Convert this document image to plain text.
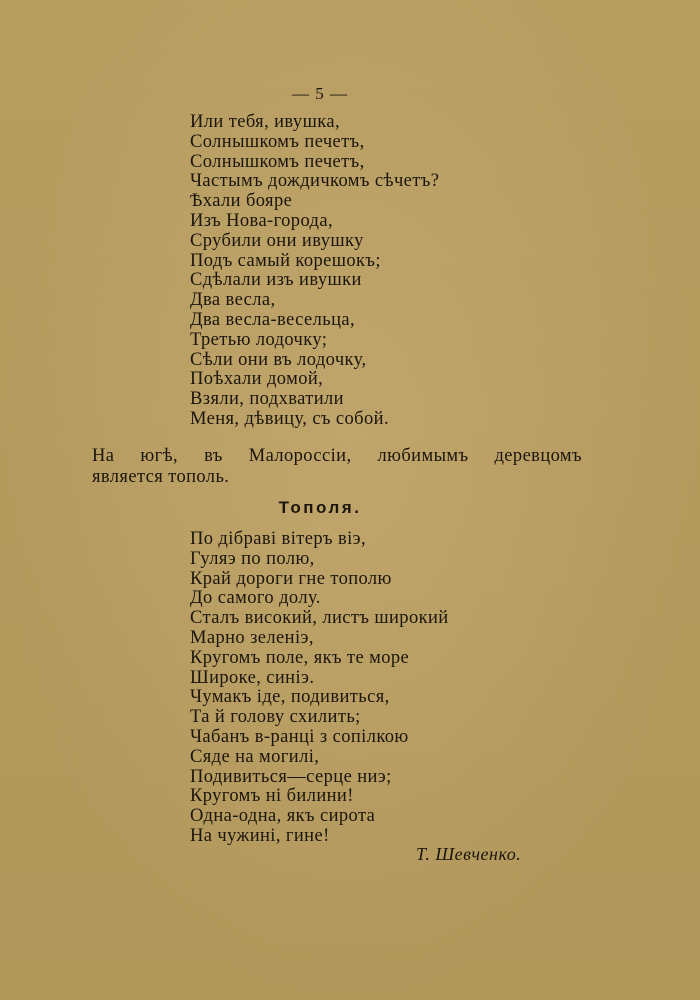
— 5 —
Или тебя, ивушка,
Солнышкомъ печетъ,
Солнышкомъ печетъ,
Частымъ дождичкомъ сѣчетъ?
Ѣхали бояре
Изъ Нова-города,
Срубили они ивушку
Подъ самый корешокъ;
Сдѣлали изъ ивушки
Два весла,
Два весла-весельца,
Третью лодочку;
Сѣли они въ лодочку,
Поѣхали домой,
Взяли, подхватили
Меня, дѣвицу, съ собой.
На югѣ, въ Малороссіи, любимымъ деревцомъ
является тополь.
Тополя.
По дібраві вітеръ віэ,
Гуляэ по полю,
Край дороги гне тополю
До самого долу.
Сталъ високий, листъ широкий
Марно зеленіэ,
Кругомъ поле, якъ те море
Широке, синіэ.
Чумакъ іде, подивиться,
Та й голову схилить;
Чабанъ в-ранці з сопілкою
Сяде на могилі,
Подивиться—серце ниэ;
Кругомъ ні билини!
Одна-одна, якъ сирота
На чужині, гине!
Т. Шевченко.
